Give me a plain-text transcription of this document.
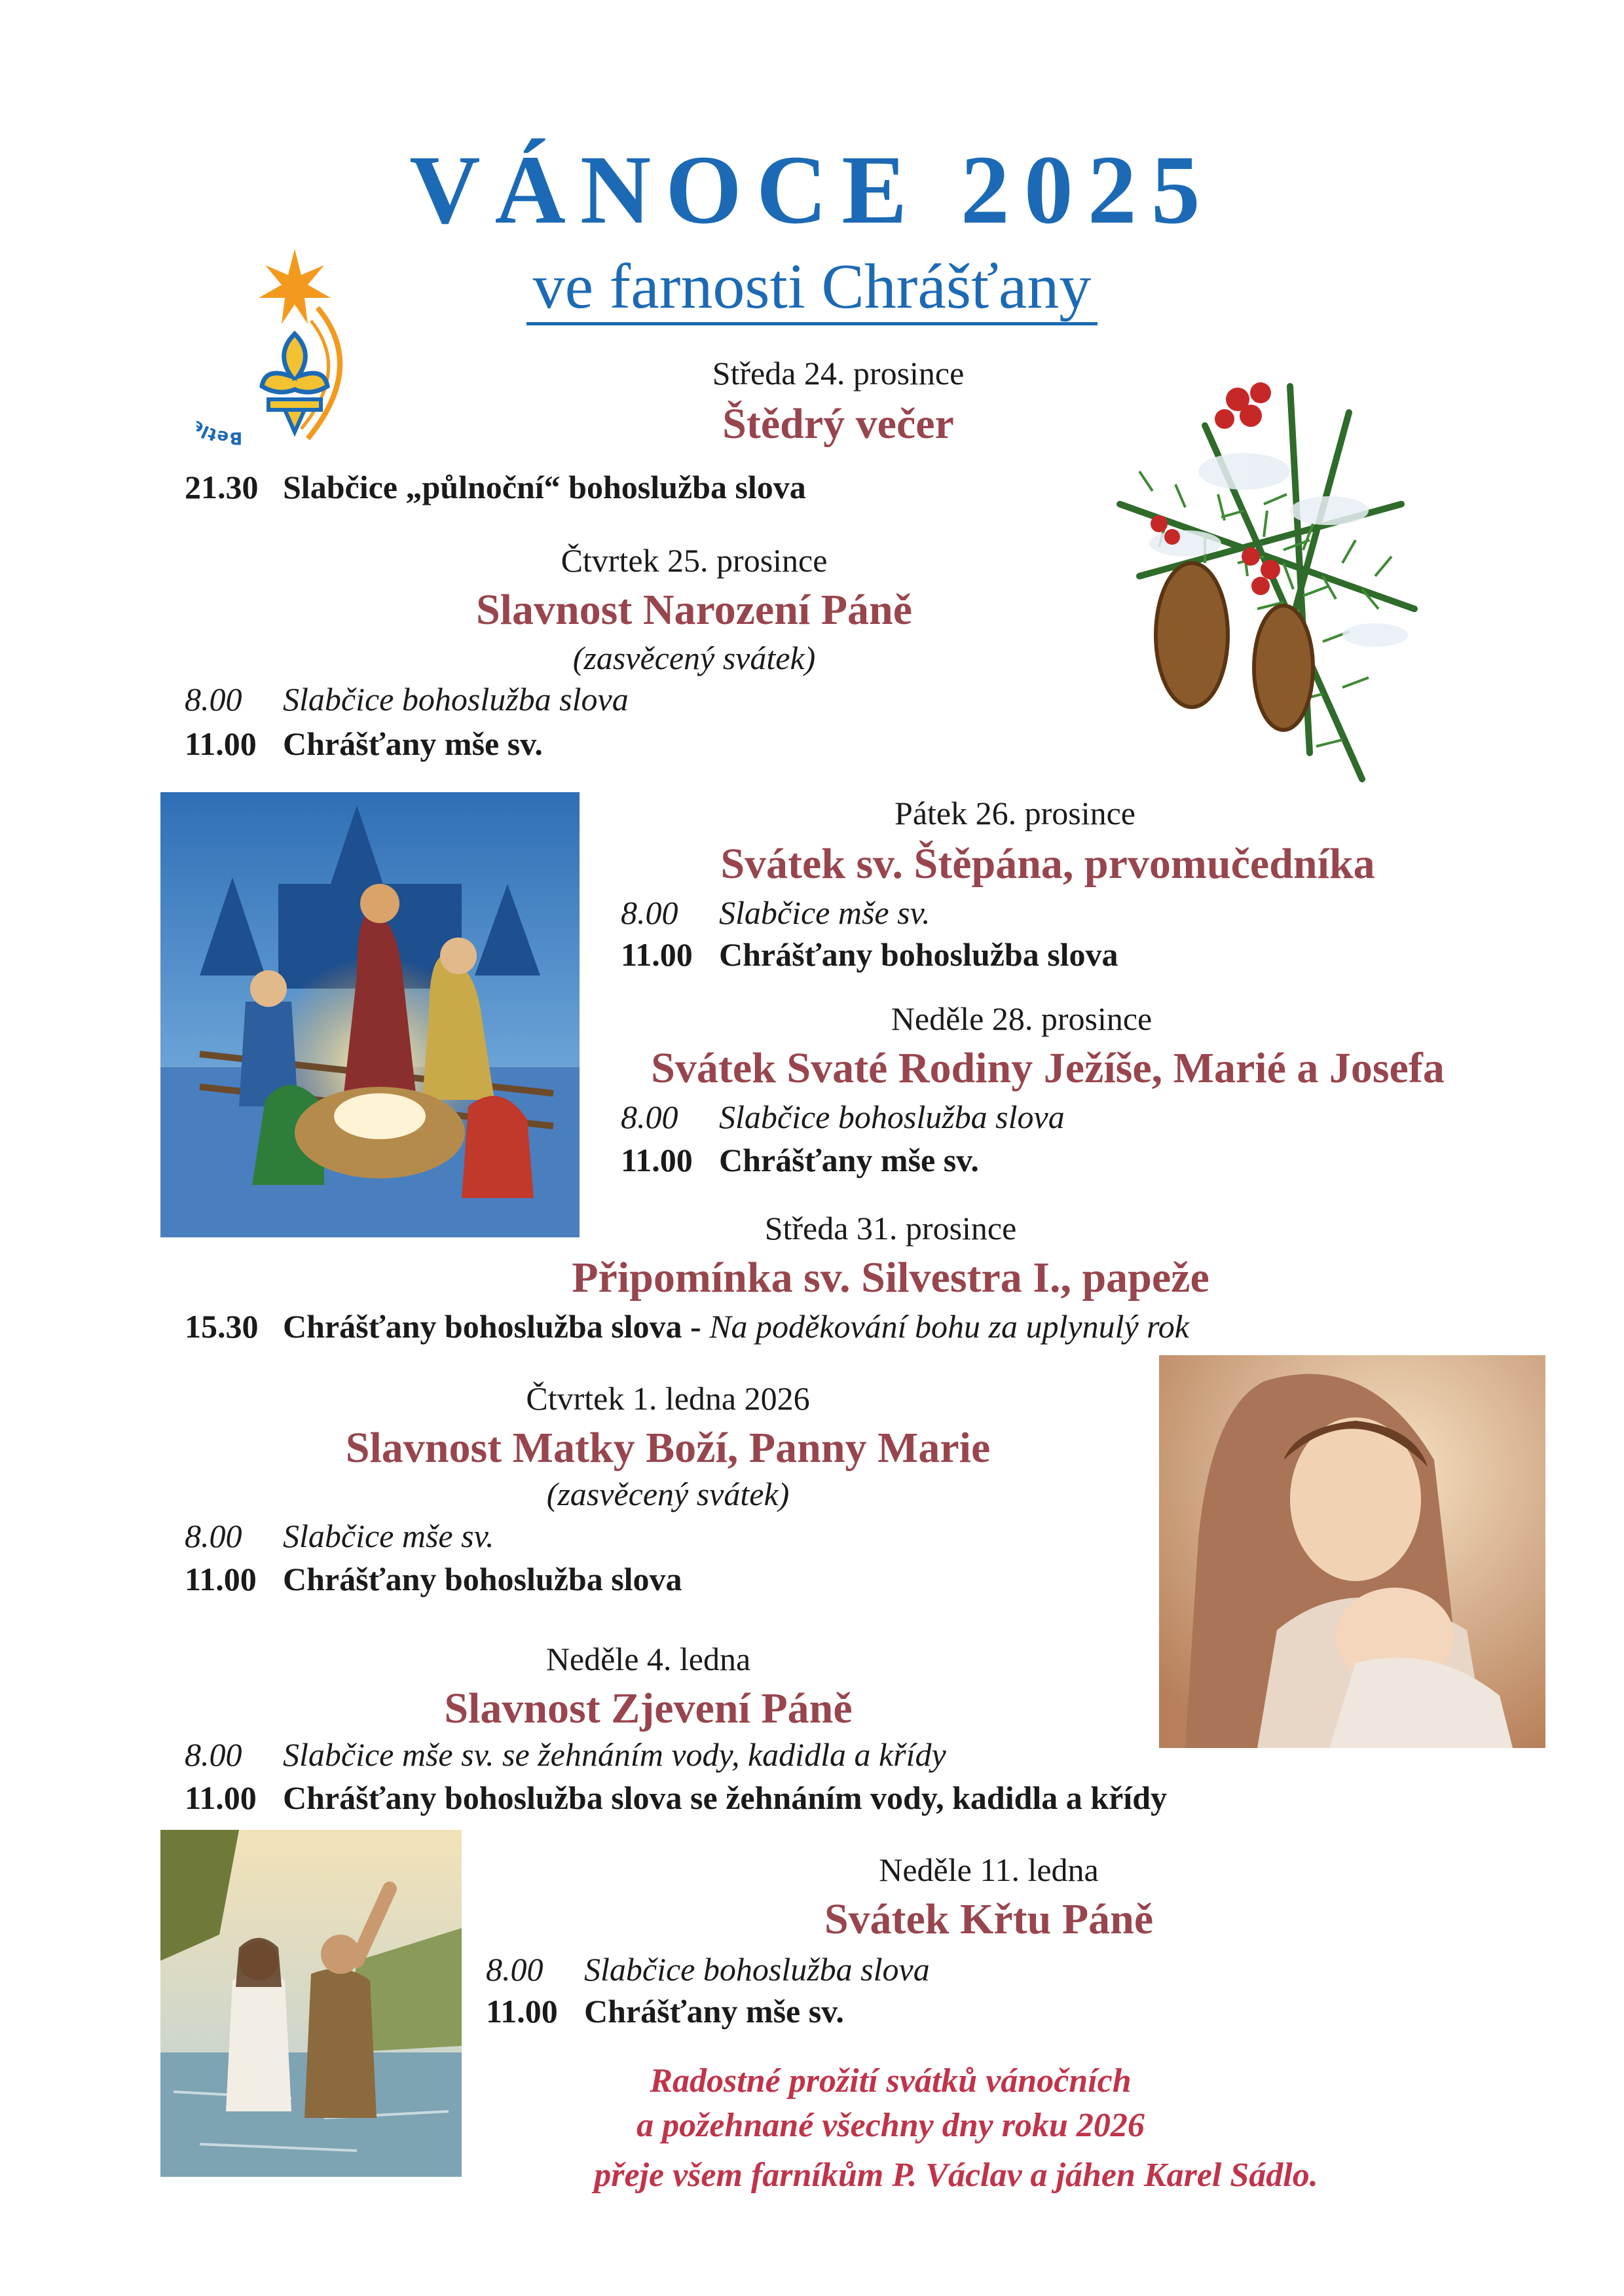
VÁNOCE 2025
ve farnosti Chrášťany
Betl
Středa 24. prosince
Štědrý večer
21.30 Slabčice „půlnoční“ bohoslužba slova
Čtvrtek 25. prosince
Slavnost Narození Páně
(zasvěcený svátek)
8.00 Slabčice bohoslužba slova
11.00 Chrášťany mše sv.
Pátek 26. prosince
Svátek sv. Štěpána, prvomučedníka
8.00 Slabčice mše sv.
11.00 Chrášťany bohoslužba slova
Neděle 28. prosince
Svátek Svaté Rodiny Ježíše, Marié a Josefa
8.00 Slabčice bohoslužba slova
11.00 Chrášťany mše sv.
Středa 31. prosince
Připomínka sv. Silvestra I., papeže
15.30 Chrášťany bohoslužba slova - Na poděkování bohu za uplynulý rok
Čtvrtek 1. ledna 2026
Slavnost Matky Boží, Panny Marie
(zasvěcený svátek)
8.00 Slabčice mše sv.
11.00 Chrášťany bohoslužba slova
Neděle 4. ledna
Slavnost Zjevení Páně
8.00 Slabčice mše sv. se žehnáním vody, kadidla a křídy
11.00 Chrášťany bohoslužba slova se žehnáním vody, kadidla a křídy
Neděle 11. ledna
Svátek Křtu Páně
8.00 Slabčice bohoslužba slova
11.00 Chrášťany mše sv.
Radostné prožití svátků vánočních
a požehnané všechny dny roku 2026
přeje všem farníkům P. Václav a jáhen Karel Sádlo.
